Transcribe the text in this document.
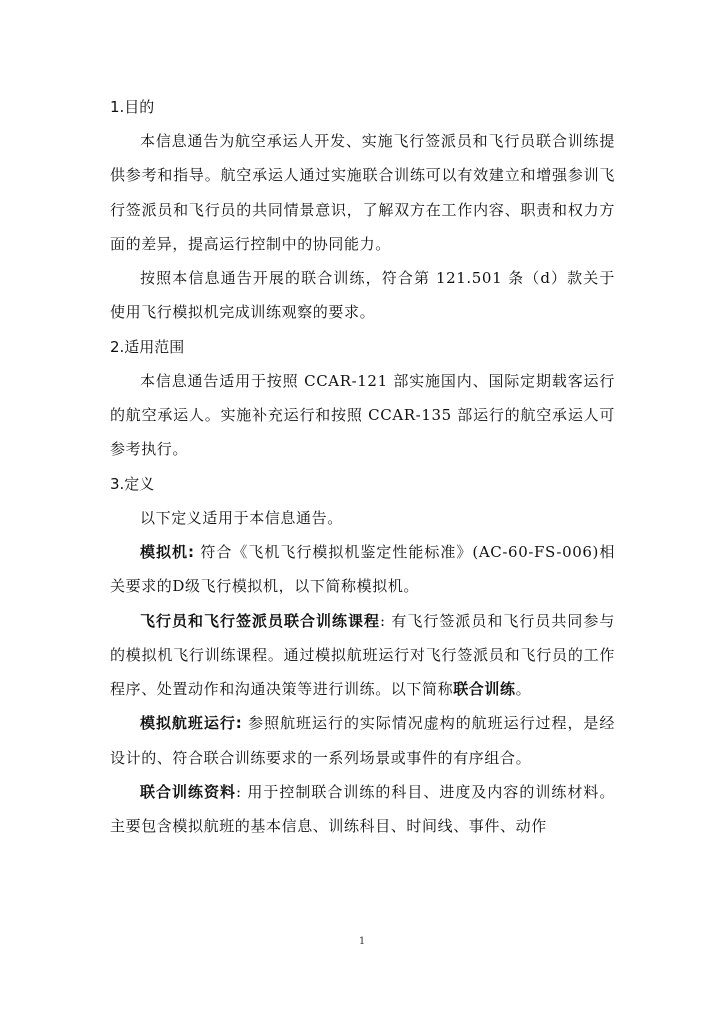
1.目的

本信息通告为航空承运人开发、实施飞行签派员和飞行员联合训练提供参考和指导。航空承运人通过实施联合训练可以有效建立和增强参训飞行签派员和飞行员的共同情景意识，了解双方在工作内容、职责和权力方面的差异，提高运行控制中的协同能力。

按照本信息通告开展的联合训练，符合第 121.501 条（d）款关于使用飞行模拟机完成训练观察的要求。

2.适用范围

本信息通告适用于按照 CCAR-121 部实施国内、国际定期载客运行的航空承运人。实施补充运行和按照 CCAR-135 部运行的航空承运人可参考执行。

3.定义

以下定义适用于本信息通告。

模拟机: 符合《飞机飞行模拟机鉴定性能标准》(AC-60-FS-006)相关要求的D级飞行模拟机，以下简称模拟机。

飞行员和飞行签派员联合训练课程: 有飞行签派员和飞行员共同参与的模拟机飞行训练课程。通过模拟航班运行对飞行签派员和飞行员的工作程序、处置动作和沟通决策等进行训练。以下简称联合训练。

模拟航班运行: 参照航班运行的实际情况虚构的航班运行过程，是经设计的、符合联合训练要求的一系列场景或事件的有序组合。

联合训练资料: 用于控制联合训练的科目、进度及内容的训练材料。主要包含模拟航班的基本信息、训练科目、时间线、事件、动作

1
